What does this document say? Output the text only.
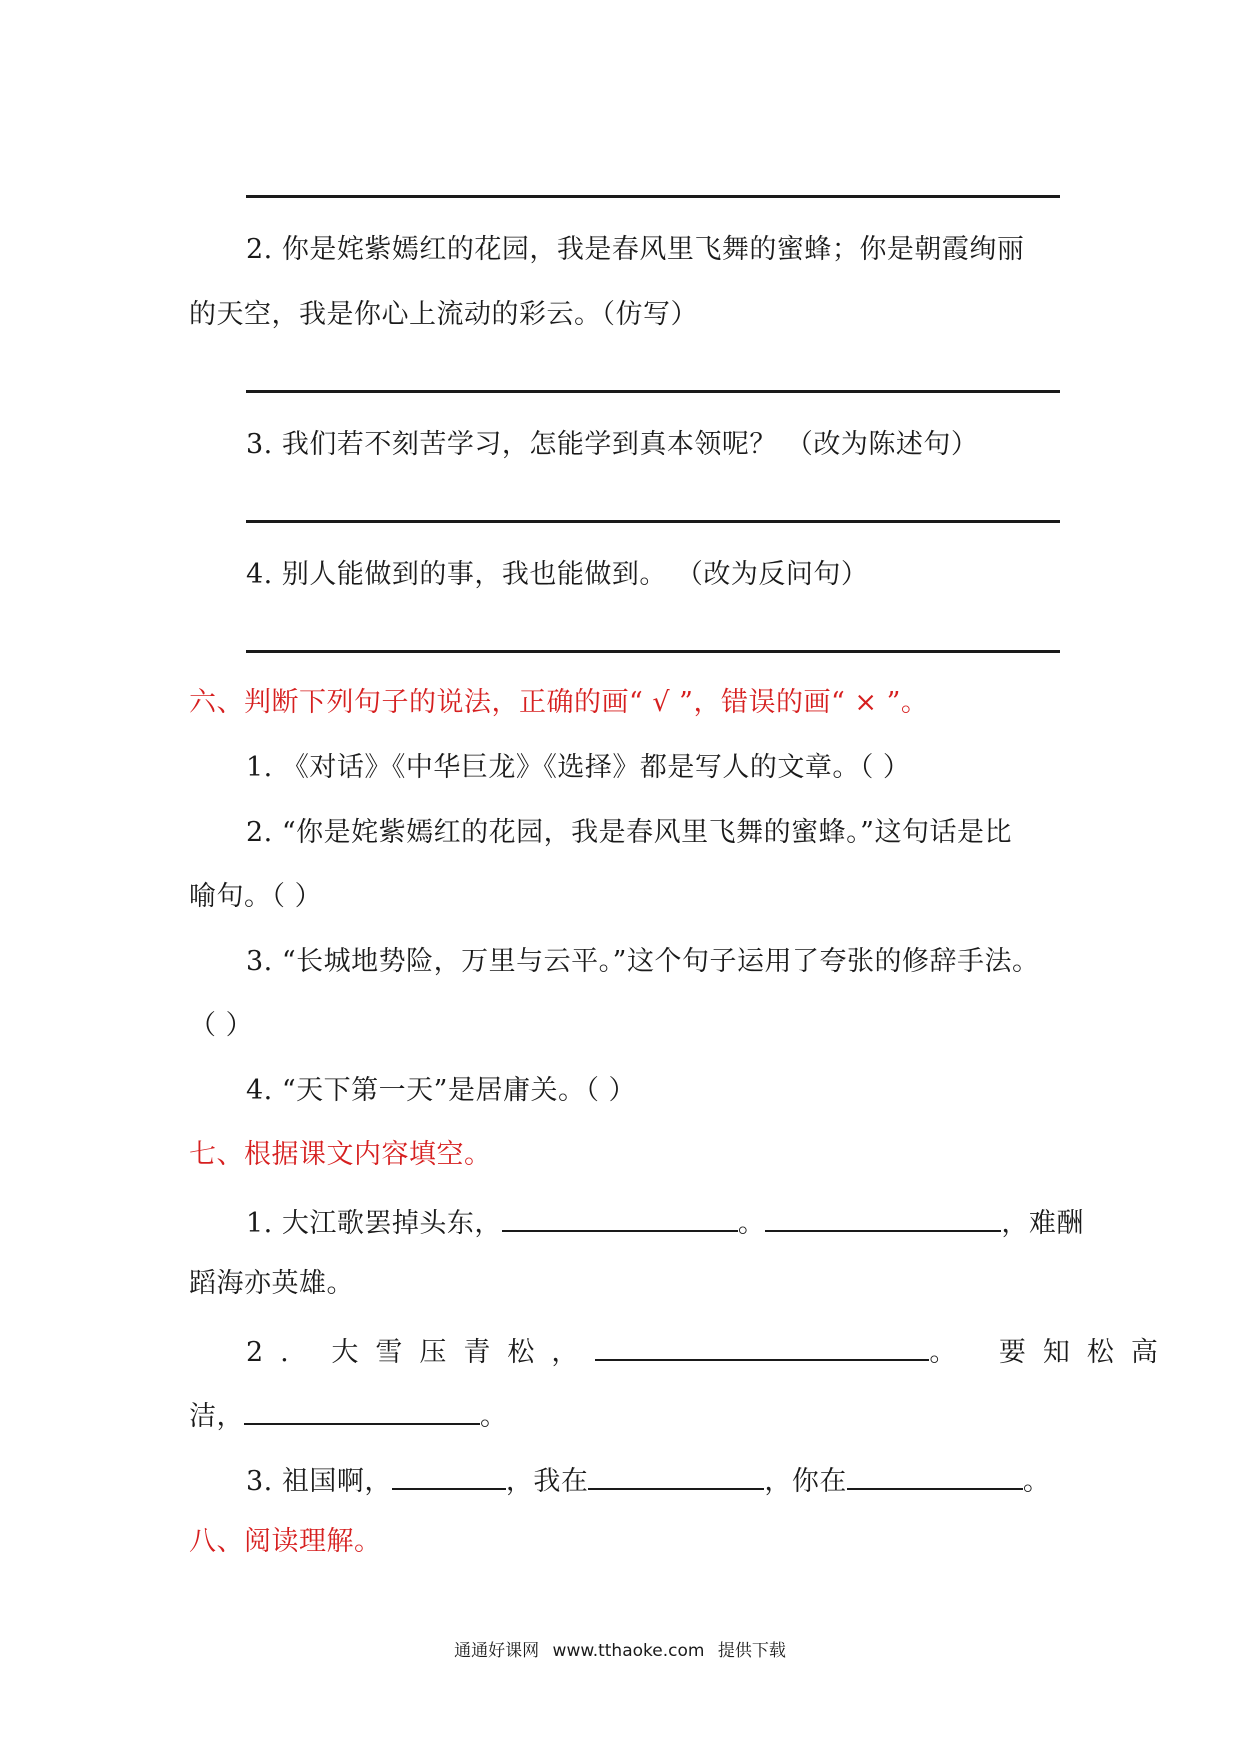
2. 你是姹紫嫣红的花园，我是春风里飞舞的蜜蜂；你是朝霞绚丽
的天空，我是你心上流动的彩云。（仿写）
3. 我们若不刻苦学习，怎能学到真本领呢？ （改为陈述句）
4. 别人能做到的事，我也能做到。 （改为反问句）
六、判断下列句子的说法，正确的画“ √ ”，错误的画“ × ”。
1. 《对话》《中华巨龙》《选择》都是写人的文章。（ ）
2. “你是姹紫嫣红的花园，我是春风里飞舞的蜜蜂。”这句话是比
喻句。（ ）
3. “长城地势险，万里与云平。”这个句子运用了夸张的修辞手法。
（ ）
4. “天下第一天”是居庸关。（ ）
七、根据课文内容填空。
1. 大江歌罢掉头东，	。	，难酬
蹈海亦英雄。
2. 大雪压青松，	。 要知松高
洁，	。
3. 祖国啊，	，我在	，你在	。
八、阅读理解。
通通好课网 www.tthaoke.com 提供下载
